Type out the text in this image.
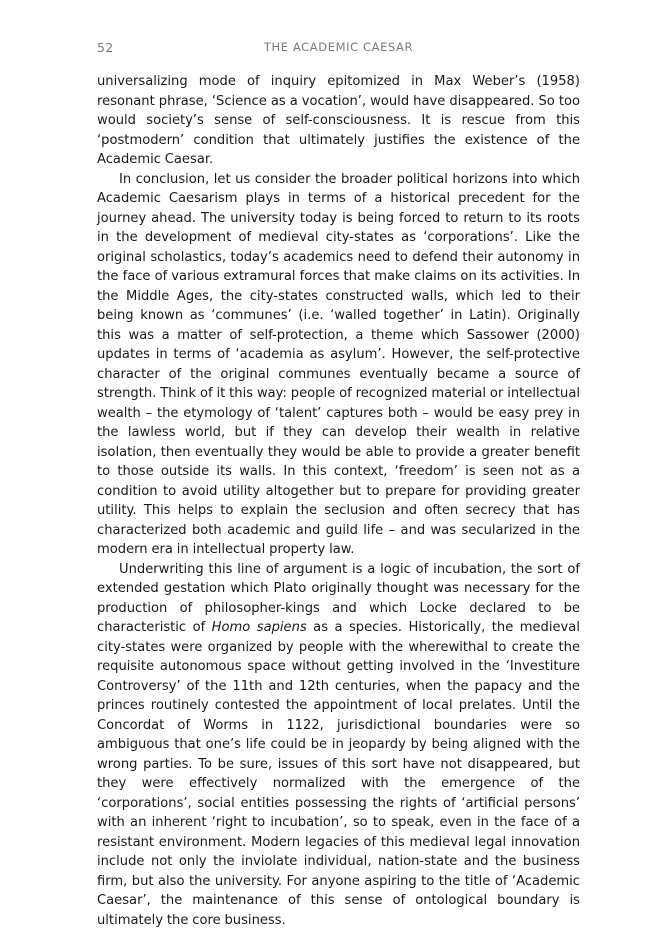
52	THE ACADEMIC CAESAR

universalizing mode of inquiry epitomized in Max Weber’s (1958) resonant phrase, ‘Science as a vocation’, would have disappeared. So too would society’s sense of self-consciousness. It is rescue from this ‘postmodern’ condition that ultimately justifies the existence of the Academic Caesar.

In conclusion, let us consider the broader political horizons into which Academic Caesarism plays in terms of a historical precedent for the journey ahead. The university today is being forced to return to its roots in the development of medieval city-states as ‘corporations’. Like the original scholastics, today’s academics need to defend their autonomy in the face of various extramural forces that make claims on its activities. In the Middle Ages, the city-states constructed walls, which led to their being known as ‘communes’ (i.e. ‘walled together’ in Latin). Originally this was a matter of self-protection, a theme which Sassower (2000) updates in terms of ‘academia as asylum’. However, the self-protective character of the original communes eventually became a source of strength. Think of it this way: people of recognized material or intellectual wealth – the etymology of ‘talent’ captures both – would be easy prey in the lawless world, but if they can develop their wealth in relative isolation, then eventually they would be able to provide a greater benefit to those outside its walls. In this context, ‘freedom’ is seen not as a condition to avoid utility altogether but to prepare for providing greater utility. This helps to explain the seclusion and often secrecy that has characterized both academic and guild life – and was secularized in the modern era in intellectual property law.

Underwriting this line of argument is a logic of incubation, the sort of extended gestation which Plato originally thought was necessary for the production of philosopher-kings and which Locke declared to be characteristic of Homo sapiens as a species. Historically, the medieval city-states were organized by people with the wherewithal to create the requisite autonomous space without getting involved in the ‘Investiture Controversy’ of the 11th and 12th centuries, when the papacy and the princes routinely contested the appointment of local prelates. Until the Concordat of Worms in 1122, jurisdictional boundaries were so ambiguous that one’s life could be in jeopardy by being aligned with the wrong parties. To be sure, issues of this sort have not disappeared, but they were effectively normalized with the emergence of the ‘corporations’, social entities possessing the rights of ‘artificial persons’ with an inherent ‘right to incubation’, so to speak, even in the face of a resistant environment. Modern legacies of this medieval legal innovation include not only the inviolate individual, nation-state and the business firm, but also the university. For anyone aspiring to the title of ‘Academic Caesar’, the maintenance of this sense of ontological boundary is ultimately the core business.
